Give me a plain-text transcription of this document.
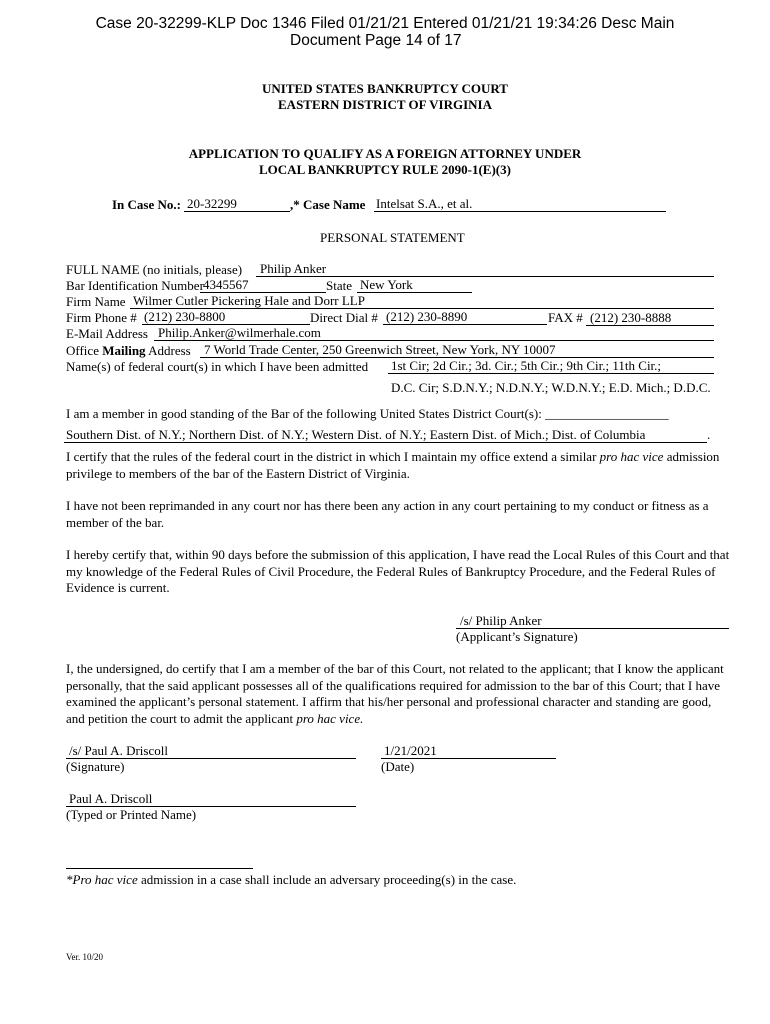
Case 20-32299-KLP Doc 1346 Filed 01/21/21 Entered 01/21/21 19:34:26 Desc Main
Document Page 14 of 17
UNITED STATES BANKRUPTCY COURT
EASTERN DISTRICT OF VIRGINIA
APPLICATION TO QUALIFY AS A FOREIGN ATTORNEY UNDER
LOCAL BANKRUPTCY RULE 2090-1(E)(3)
In Case No.: 20-32299	,* Case Name Intelsat S.A., et al.
PERSONAL STATEMENT
FULL NAME (no initials, please) Philip Anker
Bar Identification Number 4345567	State New York
Firm Name Wilmer Cutler Pickering Hale and Dorr LLP
Firm Phone # (212) 230-8800	Direct Dial # (212) 230-8890	FAX # (212) 230-8888
E-Mail Address Philip.Anker@wilmerhale.com
Office Mailing Address 7 World Trade Center, 250 Greenwich Street, New York, NY 10007
Name(s) of federal court(s) in which I have been admitted 1st Cir; 2d Cir.; 3d. Cir.; 5th Cir.; 9th Cir.; 11th Cir.;
D.C. Cir; S.D.N.Y.; N.D.N.Y.; W.D.N.Y.; E.D. Mich.; D.D.C.
I am a member in good standing of the Bar of the following United States District Court(s): ___________________
Southern Dist. of N.Y.; Northern Dist. of N.Y.; Western Dist. of N.Y.; Eastern Dist. of Mich.; Dist. of Columbia	.
I certify that the rules of the federal court in the district in which I maintain my office extend a similar pro hac vice admission privilege to members of the bar of the Eastern District of Virginia.
I have not been reprimanded in any court nor has there been any action in any court pertaining to my conduct or fitness as a member of the bar.
I hereby certify that, within 90 days before the submission of this application, I have read the Local Rules of this Court and that my knowledge of the Federal Rules of Civil Procedure, the Federal Rules of Bankruptcy Procedure, and the Federal Rules of Evidence is current.
/s/ Philip Anker
(Applicant’s Signature)
I, the undersigned, do certify that I am a member of the bar of this Court, not related to the applicant; that I know the applicant personally, that the said applicant possesses all of the qualifications required for admission to the bar of this Court; that I have examined the applicant’s personal statement. I affirm that his/her personal and professional character and standing are good, and petition the court to admit the applicant pro hac vice.
/s/ Paul A. Driscoll
(Signature)
1/21/2021
(Date)
Paul A. Driscoll
(Typed or Printed Name)
*Pro hac vice admission in a case shall include an adversary proceeding(s) in the case.
Ver. 10/20
